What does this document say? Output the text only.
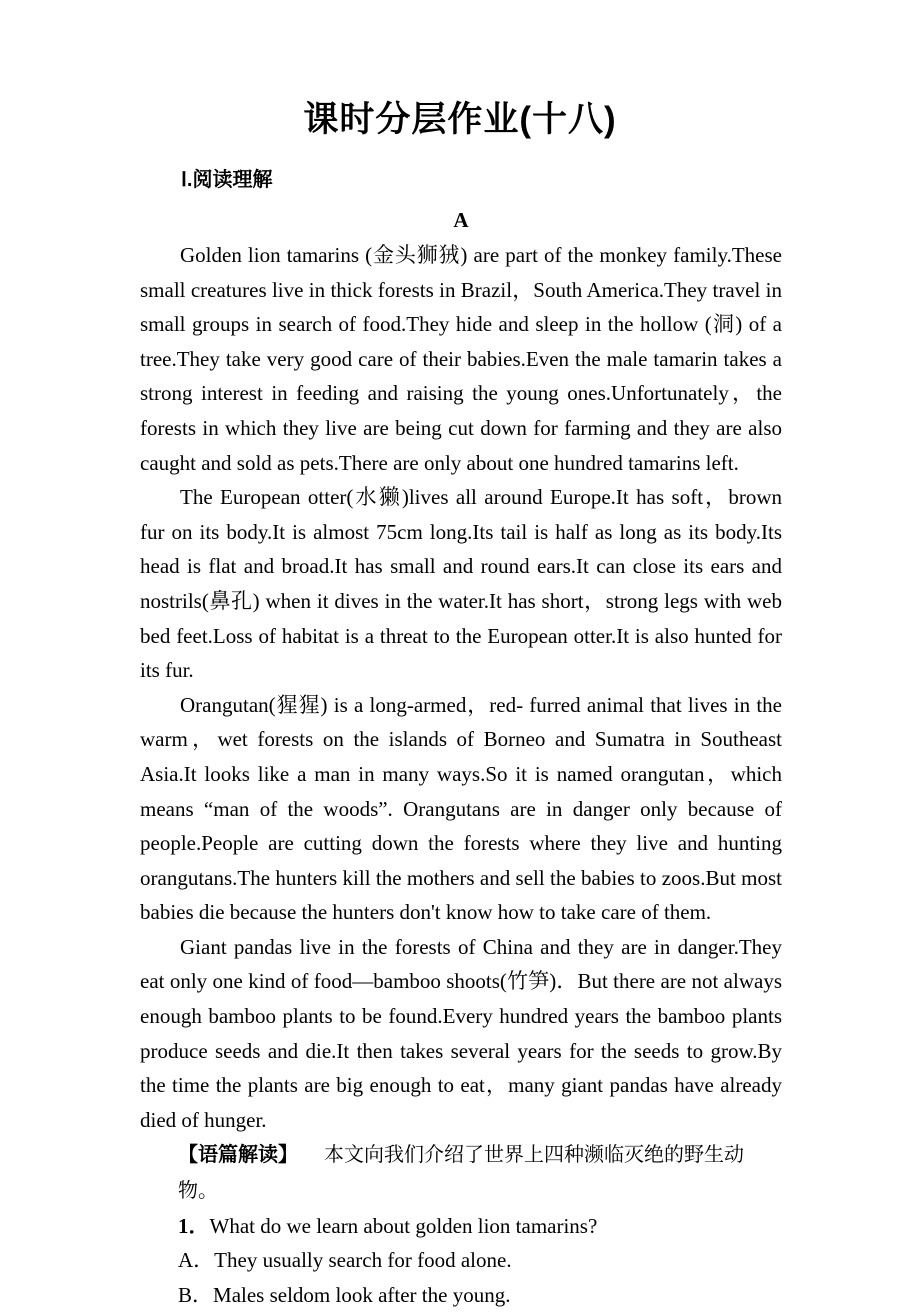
课时分层作业(十八)
Ⅰ.阅读理解
A

Golden lion tamarins (金头狮狨) are part of the monkey family.These small creatures live in thick forests in Brazil，South America.They travel in small groups in search of food.They hide and sleep in the hollow (洞) of a tree.They take very good care of their babies.Even the male tamarin takes a strong interest in feeding and raising the young ones.Unfortunately，the forests in which they live are being cut down for farming and they are also caught and sold as pets.There are only about one hundred tamarins left.

The European otter(水獭)lives all around Europe.It has soft，brown fur on its body.It is almost 75cm long.Its tail is half as long as its body.Its head is flat and broad.It has small and round ears.It can close its ears and nostrils(鼻孔) when it dives in the water.It has short，strong legs with web bed feet.Loss of habitat is a threat to the European otter.It is also hunted for its fur.

Orangutan(猩猩) is a long-armed，red- furred animal that lives in the warm，wet forests on the islands of Borneo and Sumatra in Southeast Asia.It looks like a man in many ways.So it is named orangutan，which means “man of the woods”. Orangutans are in danger only because of people.People are cutting down the forests where they live and hunting orangutans.The hunters kill the mothers and sell the babies to zoos.But most babies die because the hunters don't know how to take care of them.

Giant pandas live in the forests of China and they are in danger.They eat only one kind of food—bamboo shoots(竹笋)．But there are not always enough bamboo plants to be found.Every hundred years the bamboo plants produce seeds and die.It then takes several years for the seeds to grow.By the time the plants are big enough to eat，many giant pandas have already died of hunger.

【语篇解读】 本文向我们介绍了世界上四种濒临灭绝的野生动物。
1．What do we learn about golden lion tamarins?
A．They usually search for food alone.
B．Males seldom look after the young.
